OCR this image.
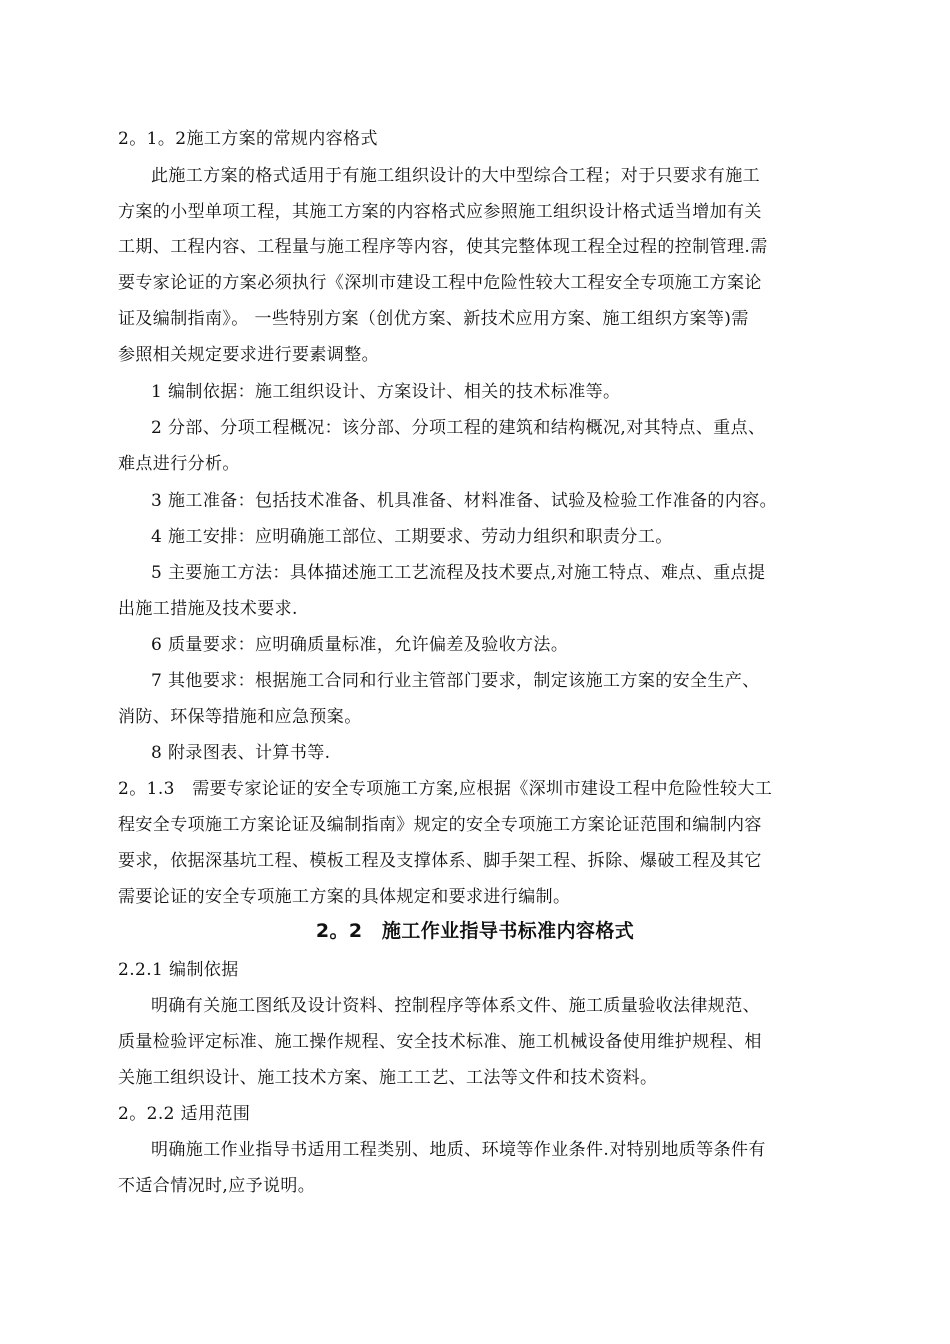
2。1。2施工方案的常规内容格式
此施工方案的格式适用于有施工组织设计的大中型综合工程；对于只要求有施工
方案的小型单项工程，其施工方案的内容格式应参照施工组织设计格式适当增加有关
工期、工程内容、工程量与施工程序等内容，使其完整体现工程全过程的控制管理.需
要专家论证的方案必须执行《深圳市建设工程中危险性较大工程安全专项施工方案论
证及编制指南》。 一些特别方案（创优方案、新技术应用方案、施工组织方案等)需
参照相关规定要求进行要素调整。
1 编制依据：施工组织设计、方案设计、相关的技术标准等。
2 分部、分项工程概况：该分部、分项工程的建筑和结构概况,对其特点、重点、
难点进行分析。
3 施工准备：包括技术准备、机具准备、材料准备、试验及检验工作准备的内容。
4 施工安排：应明确施工部位、工期要求、劳动力组织和职责分工。
5 主要施工方法：具体描述施工工艺流程及技术要点,对施工特点、难点、重点提
出施工措施及技术要求.
6 质量要求：应明确质量标准，允许偏差及验收方法。
7 其他要求：根据施工合同和行业主管部门要求，制定该施工方案的安全生产、
消防、环保等措施和应急预案。
8 附录图表、计算书等.
2。1.3　需要专家论证的安全专项施工方案,应根据《深圳市建设工程中危险性较大工
程安全专项施工方案论证及编制指南》规定的安全专项施工方案论证范围和编制内容
要求，依据深基坑工程、模板工程及支撑体系、脚手架工程、拆除、爆破工程及其它
需要论证的安全专项施工方案的具体规定和要求进行编制。
2。2　施工作业指导书标准内容格式
2.2.1 编制依据
明确有关施工图纸及设计资料、控制程序等体系文件、施工质量验收法律规范、
质量检验评定标准、施工操作规程、安全技术标准、施工机械设备使用维护规程、相
关施工组织设计、施工技术方案、施工工艺、工法等文件和技术资料。
2。2.2 适用范围
明确施工作业指导书适用工程类别、地质、环境等作业条件.对特别地质等条件有
不适合情况时,应予说明。
